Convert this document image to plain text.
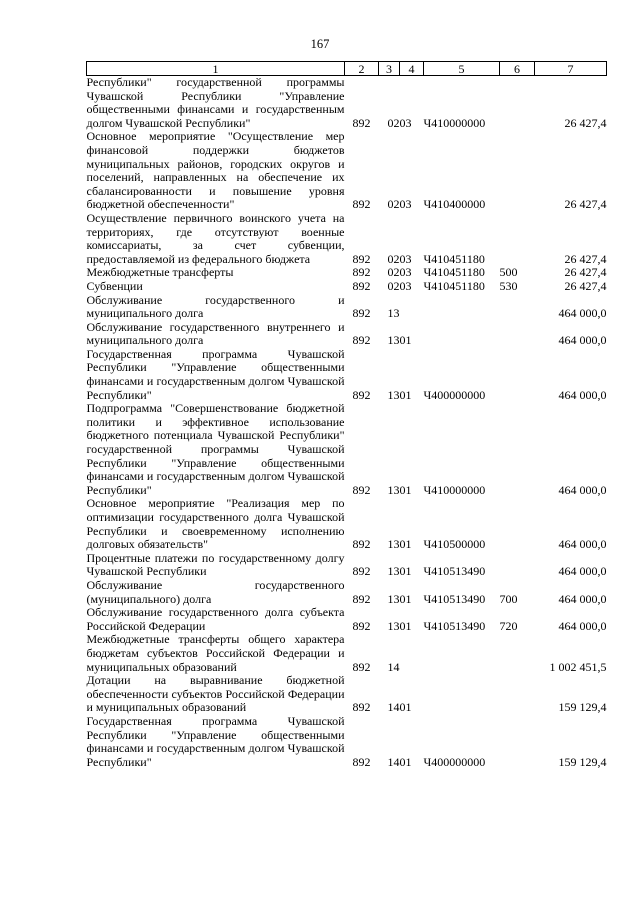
167
1	2	3	4	5	6	7
Республики" государственной программы Чувашской Республики "Управление общественными финансами и государственным долгом Чувашской Республики"	892	02	03	Ч410000000		26 427,4
Основное мероприятие "Осуществление мер финансовой поддержки бюджетов муниципальных районов, городских округов и поселений, направленных на обеспечение их сбалансированности и повышение уровня бюджетной обеспеченности"	892	02	03	Ч410400000		26 427,4
Осуществление первичного воинского учета на территориях, где отсутствуют военные комиссариаты, за счет субвенции, предоставляемой из федерального бюджета	892	02	03	Ч410451180		26 427,4
Межбюджетные трансферты	892	02	03	Ч410451180	500	26 427,4
Субвенции	892	02	03	Ч410451180	530	26 427,4
Обслуживание государственного и муниципального долга	892	13				464 000,0
Обслуживание государственного внутреннего и муниципального долга	892	13	01			464 000,0
Государственная программа Чувашской Республики "Управление общественными финансами и государственным долгом Чувашской Республики"	892	13	01	Ч400000000		464 000,0
Подпрограмма "Совершенствование бюджетной политики и эффективное использование бюджетного потенциала Чувашской Республики" государственной программы Чувашской Республики "Управление общественными финансами и государственным долгом Чувашской Республики"	892	13	01	Ч410000000		464 000,0
Основное мероприятие "Реализация мер по оптимизации государственного долга Чувашской Республики и своевременному исполнению долговых обязательств"	892	13	01	Ч410500000		464 000,0
Процентные платежи по государственному долгу Чувашской Республики	892	13	01	Ч410513490		464 000,0
Обслуживание государственного (муниципального) долга	892	13	01	Ч410513490	700	464 000,0
Обслуживание государственного долга субъекта Российской Федерации	892	13	01	Ч410513490	720	464 000,0
Межбюджетные трансферты общего характера бюджетам субъектов Российской Федерации и муниципальных образований	892	14				1 002 451,5
Дотации на выравнивание бюджетной обеспеченности субъектов Российской Федерации и муниципальных образований	892	14	01			159 129,4
Государственная программа Чувашской Республики "Управление общественными финансами и государственным долгом Чувашской Республики"	892	14	01	Ч400000000		159 129,4
